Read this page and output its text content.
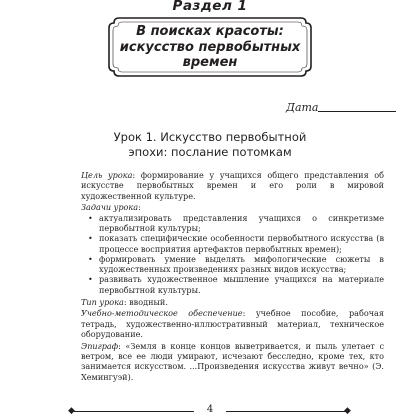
Раздел 1
В поисках красоты:
искусство первобытных
времен
Дата
Урок 1. Искусство первобытной
эпохи: послание потомкам

Цель урока: формирование у учащихся общего представления об искусстве первобытных времен и его роли в мировой художественной культуре.

Задачи урока:

• актуализировать представления учащихся о синкретизме первобытной культуры;
• показать специфические особенности первобытного искусства (в процессе восприятия артефактов первобытных времен);
• формировать умение выделять мифологические сюжеты в художественных произведениях разных видов искусства;
• развивать художественное мышление учащихся на материале первобытной культуры.

Тип урока: вводный.

Учебно-методическое обеспечение: учебное пособие, рабочая тетрадь, художественно-иллюстративный материал, техническое оборудование.

Эпиграф: «Земля в конце концов выветривается, и пыль улетает с ветром, все ее люди умирают, исчезают бесследно, кроме тех, кто занимается искусством. ...Произведения искусства живут вечно» (Э. Хемингуэй).

◆	◆
4
